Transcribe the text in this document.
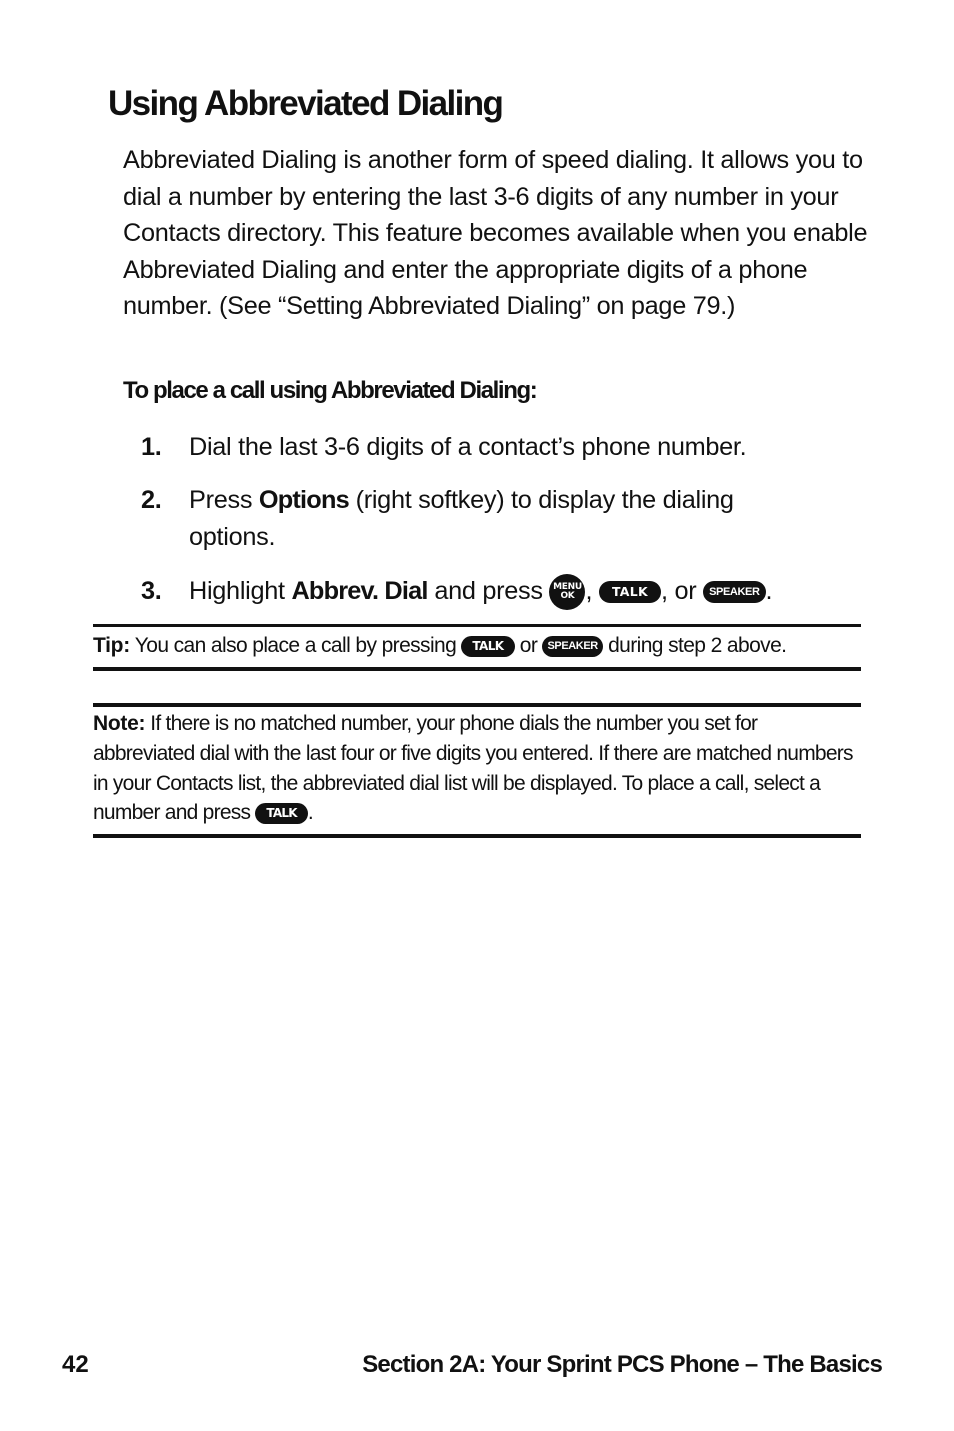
Using Abbreviated Dialing

Abbreviated Dialing is another form of speed dialing. It allows you to dial a number by entering the last 3-6 digits of any number in your Contacts directory. This feature becomes available when you enable Abbreviated Dialing and enter the appropriate digits of a phone number. (See “Setting Abbreviated Dialing” on page 79.)

To place a call using Abbreviated Dialing:

1. Dial the last 3-6 digits of a contact’s phone number.
2. Press Options (right softkey) to display the dialing options.
3. Highlight Abbrev. Dial and press MENU
OK , TALK , or SPEAKER .

Tip: You can also place a call by pressing TALK or SPEAKER during step 2 above.

Note: If there is no matched number, your phone dials the number you set for abbreviated dial with the last four or five digits you entered. If there are matched numbers in your Contacts list, the abbreviated dial list will be displayed. To place a call, select a number and press TALK .

42	Section 2A: Your Sprint PCS Phone – The Basics
